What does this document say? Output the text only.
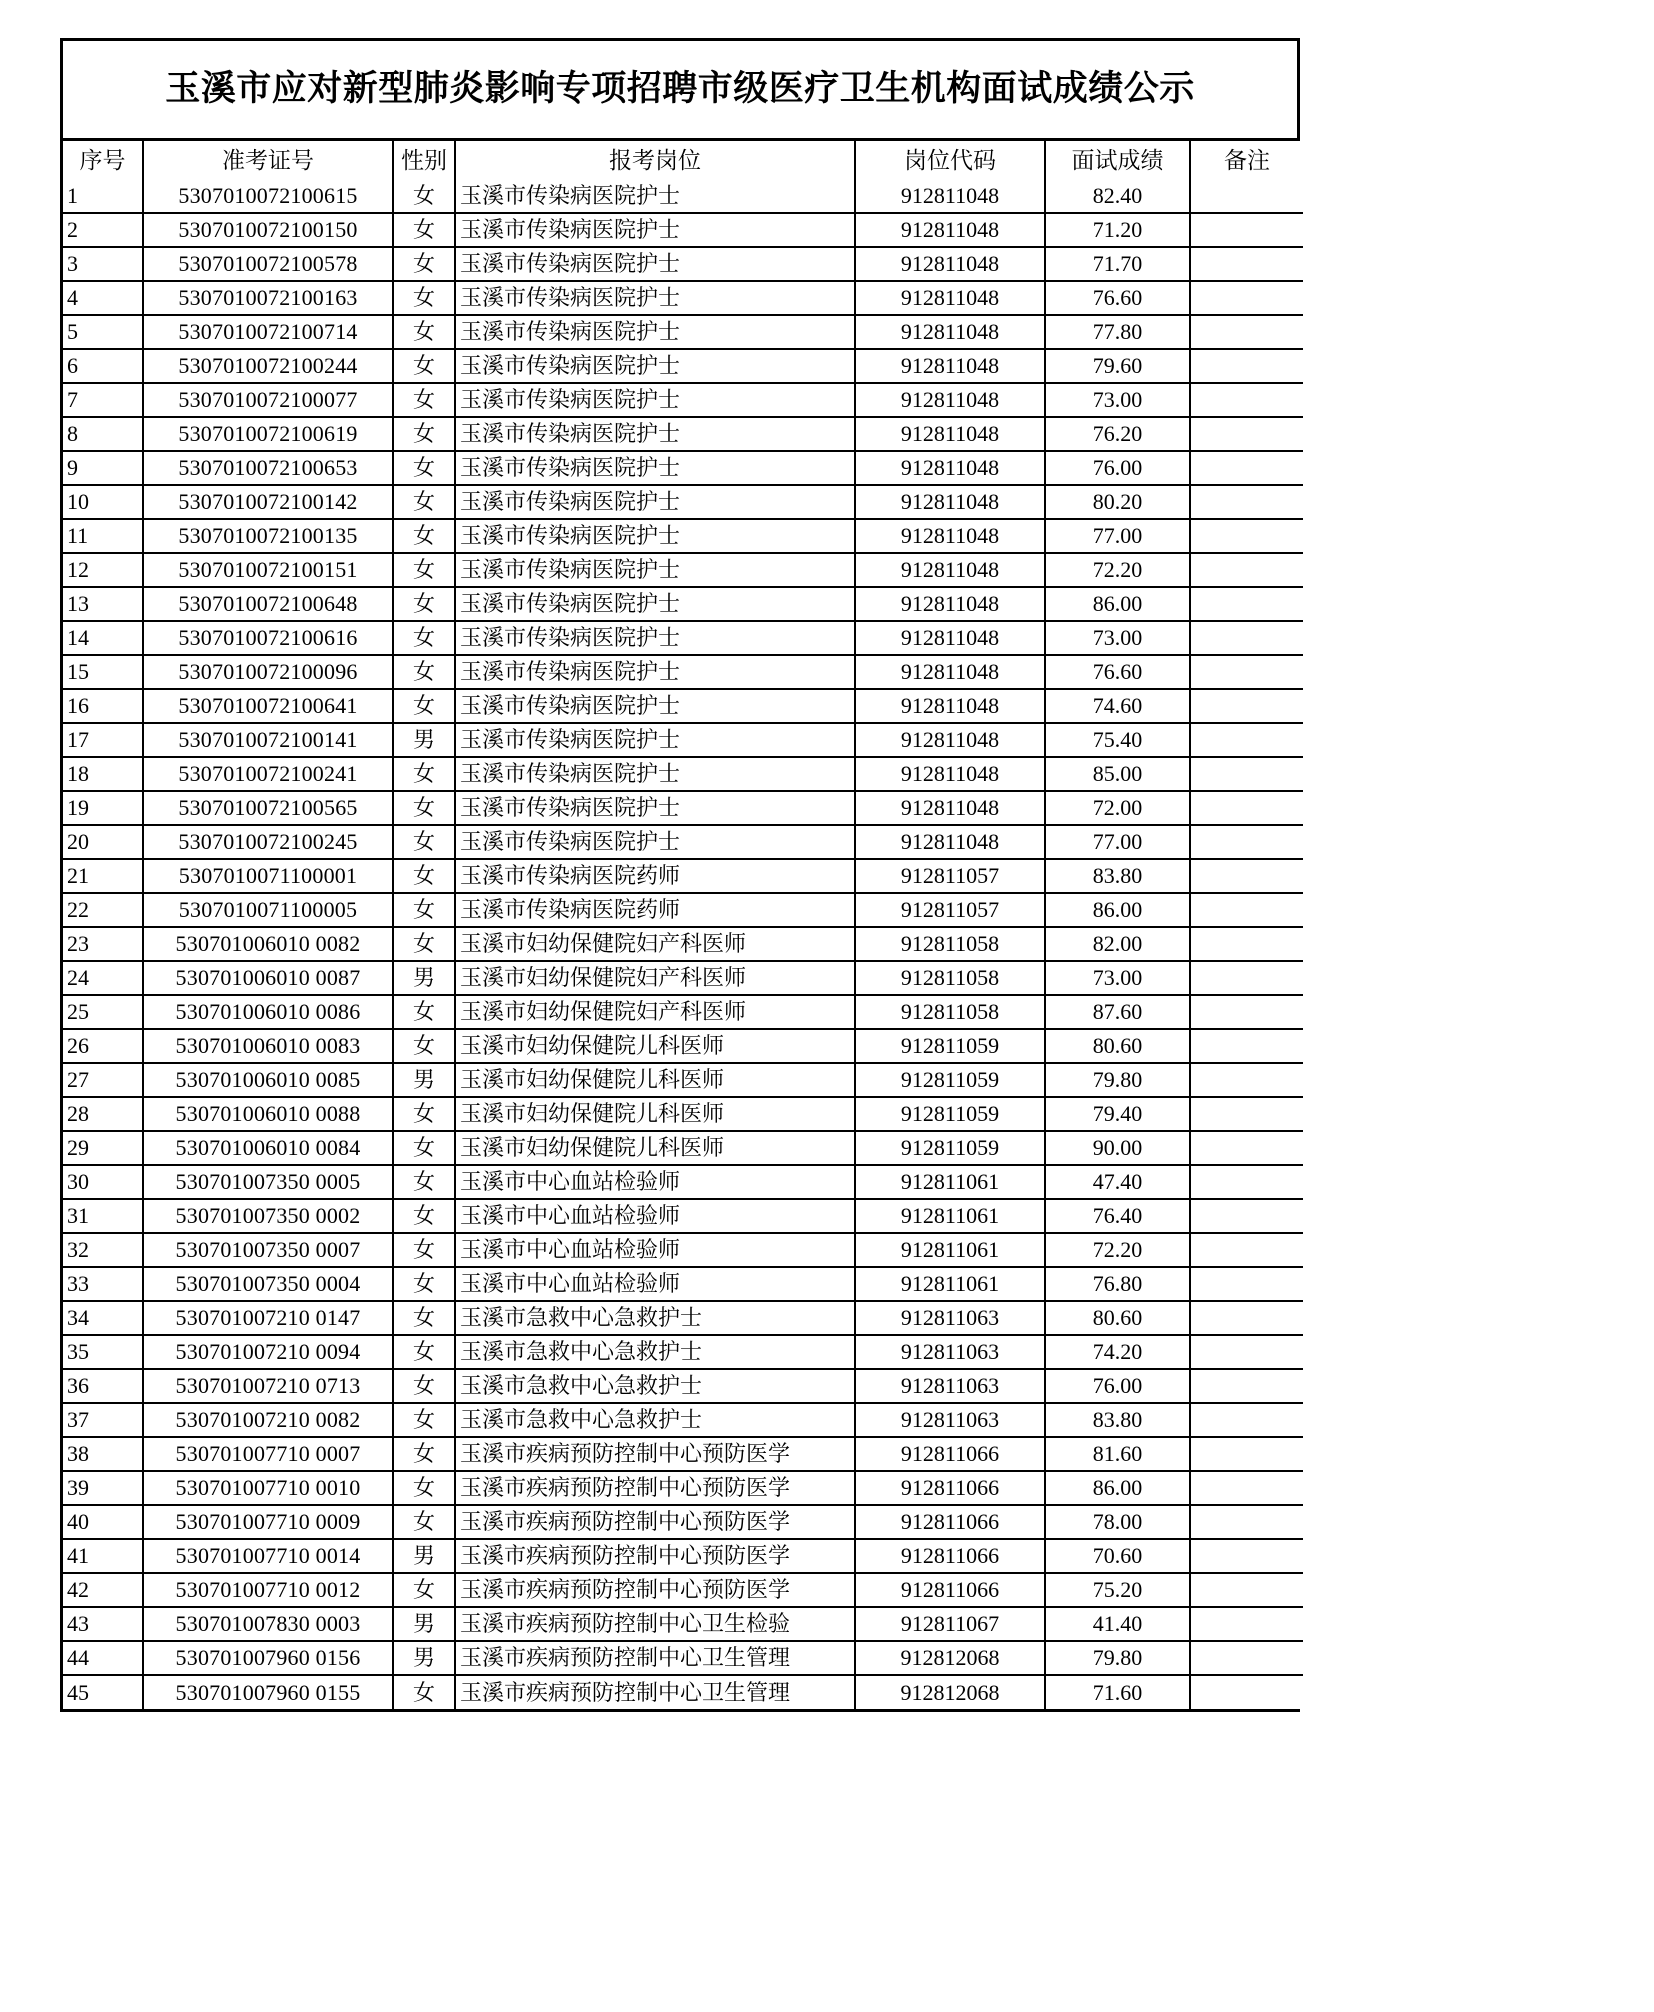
玉溪市应对新型肺炎影响专项招聘市级医疗卫生机构面试成绩公示
序号	准考证号	性别	报考岗位	岗位代码	面试成绩	备注
1	5307010072100615	女	玉溪市传染病医院护士	912811048	82.40	
2	5307010072100150	女	玉溪市传染病医院护士	912811048	71.20	
3	5307010072100578	女	玉溪市传染病医院护士	912811048	71.70	
4	5307010072100163	女	玉溪市传染病医院护士	912811048	76.60	
5	5307010072100714	女	玉溪市传染病医院护士	912811048	77.80	
6	5307010072100244	女	玉溪市传染病医院护士	912811048	79.60	
7	5307010072100077	女	玉溪市传染病医院护士	912811048	73.00	
8	5307010072100619	女	玉溪市传染病医院护士	912811048	76.20	
9	5307010072100653	女	玉溪市传染病医院护士	912811048	76.00	
10	5307010072100142	女	玉溪市传染病医院护士	912811048	80.20	
11	5307010072100135	女	玉溪市传染病医院护士	912811048	77.00	
12	5307010072100151	女	玉溪市传染病医院护士	912811048	72.20	
13	5307010072100648	女	玉溪市传染病医院护士	912811048	86.00	
14	5307010072100616	女	玉溪市传染病医院护士	912811048	73.00	
15	5307010072100096	女	玉溪市传染病医院护士	912811048	76.60	
16	5307010072100641	女	玉溪市传染病医院护士	912811048	74.60	
17	5307010072100141	男	玉溪市传染病医院护士	912811048	75.40	
18	5307010072100241	女	玉溪市传染病医院护士	912811048	85.00	
19	5307010072100565	女	玉溪市传染病医院护士	912811048	72.00	
20	5307010072100245	女	玉溪市传染病医院护士	912811048	77.00	
21	5307010071100001	女	玉溪市传染病医院药师	912811057	83.80	
22	5307010071100005	女	玉溪市传染病医院药师	912811057	86.00	
23	530701006010 0082	女	玉溪市妇幼保健院妇产科医师	912811058	82.00	
24	530701006010 0087	男	玉溪市妇幼保健院妇产科医师	912811058	73.00	
25	530701006010 0086	女	玉溪市妇幼保健院妇产科医师	912811058	87.60	
26	530701006010 0083	女	玉溪市妇幼保健院儿科医师	912811059	80.60	
27	530701006010 0085	男	玉溪市妇幼保健院儿科医师	912811059	79.80	
28	530701006010 0088	女	玉溪市妇幼保健院儿科医师	912811059	79.40	
29	530701006010 0084	女	玉溪市妇幼保健院儿科医师	912811059	90.00	
30	530701007350 0005	女	玉溪市中心血站检验师	912811061	47.40	
31	530701007350 0002	女	玉溪市中心血站检验师	912811061	76.40	
32	530701007350 0007	女	玉溪市中心血站检验师	912811061	72.20	
33	530701007350 0004	女	玉溪市中心血站检验师	912811061	76.80	
34	530701007210 0147	女	玉溪市急救中心急救护士	912811063	80.60	
35	530701007210 0094	女	玉溪市急救中心急救护士	912811063	74.20	
36	530701007210 0713	女	玉溪市急救中心急救护士	912811063	76.00	
37	530701007210 0082	女	玉溪市急救中心急救护士	912811063	83.80	
38	530701007710 0007	女	玉溪市疾病预防控制中心预防医学	912811066	81.60	
39	530701007710 0010	女	玉溪市疾病预防控制中心预防医学	912811066	86.00	
40	530701007710 0009	女	玉溪市疾病预防控制中心预防医学	912811066	78.00	
41	530701007710 0014	男	玉溪市疾病预防控制中心预防医学	912811066	70.60	
42	530701007710 0012	女	玉溪市疾病预防控制中心预防医学	912811066	75.20	
43	530701007830 0003	男	玉溪市疾病预防控制中心卫生检验	912811067	41.40	
44	530701007960 0156	男	玉溪市疾病预防控制中心卫生管理	912812068	79.80	
45	530701007960 0155	女	玉溪市疾病预防控制中心卫生管理	912812068	71.60	
